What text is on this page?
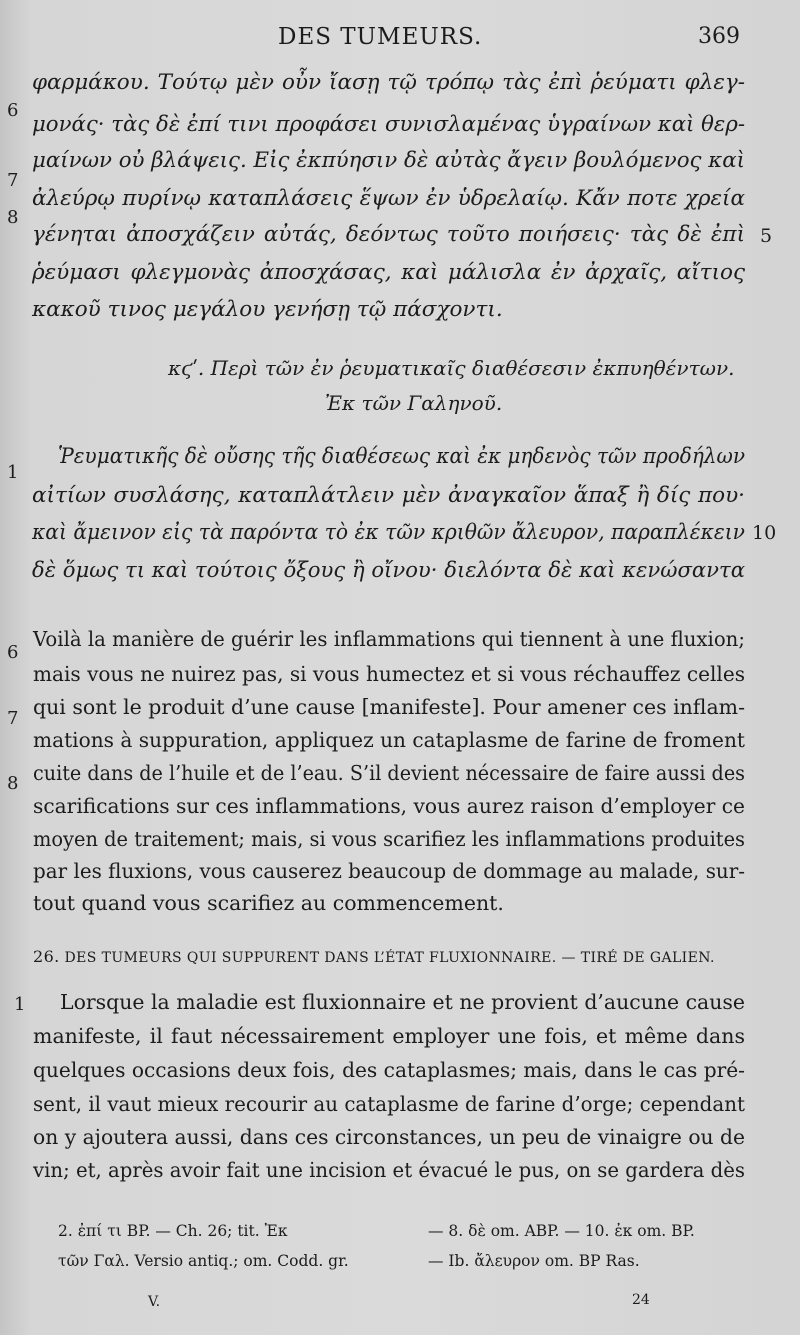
DES TUMEURS.	369
6
φαρμάκου. Τούτῳ μὲν οὖν ἴασῃ τῷ τρόπῳ τὰς ἐπὶ ῥεύματι φλεγ-
μονάς· τὰς δὲ ἐπί τινι προφάσει συνισλαμένας ὑγραίνων καὶ θερ-
7
μαίνων οὐ βλάψεις. Εἰς ἐκπύησιν δὲ αὐτὰς ἄγειν βουλόμενος καὶ
8
ἀλεύρῳ πυρίνῳ καταπλάσεις ἕψων ἐν ὑδρελαίῳ. Κἄν ποτε χρεία
γένηται ἀποσχάζειν αὐτάς, δεόντως τοῦτο ποιήσεις· τὰς δὲ ἐπὶ 5
ῥεύμασι φλεγμονὰς ἀποσχάσας, καὶ μάλισλα ἐν ἀρχαῖς, αἴτιος
κακοῦ τινος μεγάλου γενήσῃ τῷ πάσχοντι.
κϛʹ. Περὶ τῶν ἐν ῥευματικαῖς διαθέσεσιν ἐκπυηθέντων.
Ἐκ τῶν Γαληνοῦ.
1
Ῥευματικῆς δὲ οὔσης τῆς διαθέσεως καὶ ἐκ μηδενὸς τῶν προδήλων
αἰτίων συσλάσης, καταπλάτλειν μὲν ἀναγκαῖον ἅπαξ ἢ δίς που·
καὶ ἄμεινον εἰς τὰ παρόντα τὸ ἐκ τῶν κριθῶν ἄλευρον, παραπλέκειν 10
δὲ ὅμως τι καὶ τούτοις ὄξους ἢ οἴνου· διελόντα δὲ καὶ κενώσαντα
6
Voilà la manière de guérir les inflammations qui tiennent à une fluxion;
mais vous ne nuirez pas, si vous humectez et si vous réchauffez celles
7 qui sont le produit d’une cause [manifeste]. Pour amener ces inflam-
mations à suppuration, appliquez un cataplasme de farine de froment
8 cuite dans de l’huile et de l’eau. S’il devient nécessaire de faire aussi des
scarifications sur ces inflammations, vous aurez raison d’employer ce
moyen de traitement; mais, si vous scarifiez les inflammations produites
par les fluxions, vous causerez beaucoup de dommage au malade, sur-
tout quand vous scarifiez au commencement.
26. DES TUMEURS QUI SUPPURENT DANS L’ÉTAT FLUXIONNAIRE. — TIRÉ DE GALIEN.
1 Lorsque la maladie est fluxionnaire et ne provient d’aucune cause
manifeste, il faut nécessairement employer une fois, et même dans
quelques occasions deux fois, des cataplasmes; mais, dans le cas pré-
sent, il vaut mieux recourir au cataplasme de farine d’orge; cependant
on y ajoutera aussi, dans ces circonstances, un peu de vinaigre ou de
vin; et, après avoir fait une incision et évacué le pus, on se gardera dès
2. ἐπί τι BP. — Ch. 26; tit. Ἐκ
τῶν Γαλ. Versio antiq.; om. Codd. gr.
— 8. δὲ om. ABP. — 10. ἐκ om. BP.
— Ib. ἄλευρον om. BP Ras.
V.	24
